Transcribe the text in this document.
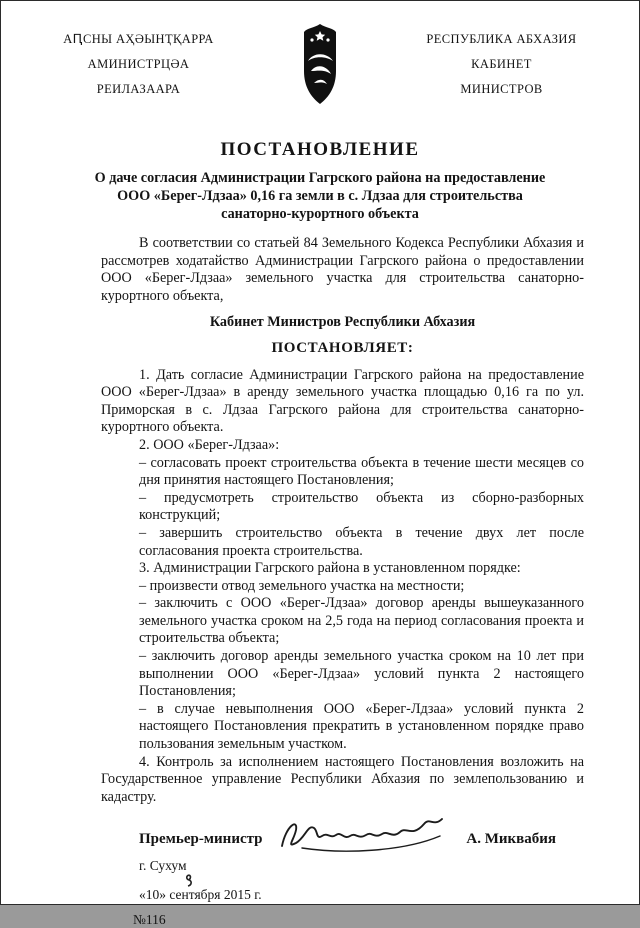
АԤСНЫ АҲӘЫНҬҚАРРА
АМИНИСТРЦӘА
РЕИЛАЗААРА
РЕСПУБЛИКА АБХАЗИЯ
КАБИНЕТ
МИНИСТРОВ
ПОСТАНОВЛЕНИЕ
О даче согласия Администрации Гагрского района на предоставление ООО «Берег-Лдзаа» 0,16 га земли в с. Лдзаа для строительства санаторно-курортного объекта

В соответствии со статьей 84 Земельного Кодекса Республики Абхазия и рассмотрев ходатайство Администрации Гагрского района о предоставлении ООО «Берег-Лдзаа» земельного участка для строительства санаторно-курортного объекта,

Кабинет Министров Республики Абхазия
ПОСТАНОВЛЯЕТ:

1. Дать согласие Администрации Гагрского района на предоставление ООО «Берег-Лдзаа» в аренду земельного участка площадью 0,16 га по ул. Приморская в с. Лдзаа Гагрского района для строительства санаторно-курортного объекта.

2. ООО «Берег-Лдзаа»:

– согласовать проект строительства объекта в течение шести месяцев со дня принятия настоящего Постановления;

– предусмотреть строительство объекта из сборно-разборных конструкций;

– завершить строительство объекта в течение двух лет после согласования проекта строительства.

3. Администрации Гагрского района в установленном порядке:

– произвести отвод земельного участка на местности;

– заключить с ООО «Берег-Лдзаа» договор аренды вышеуказанного земельного участка сроком на 2,5 года на период согласования проекта и строительства объекта;

– заключить договор аренды земельного участка сроком на 10 лет при выполнении ООО «Берег-Лдзаа» условий пункта 2 настоящего Постановления;

– в случае невыполнения ООО «Берег-Лдзаа» условий пункта 2 настоящего Постановления прекратить в установленном порядке право пользования земельным участком.

4. Контроль за исполнением настоящего Постановления возложить на Государственное управление Республики Абхазия по землепользованию и кадастру.

Премьер-министр	А. Миквабия
г. Сухум
«10» сентября 2015 г.
№116
